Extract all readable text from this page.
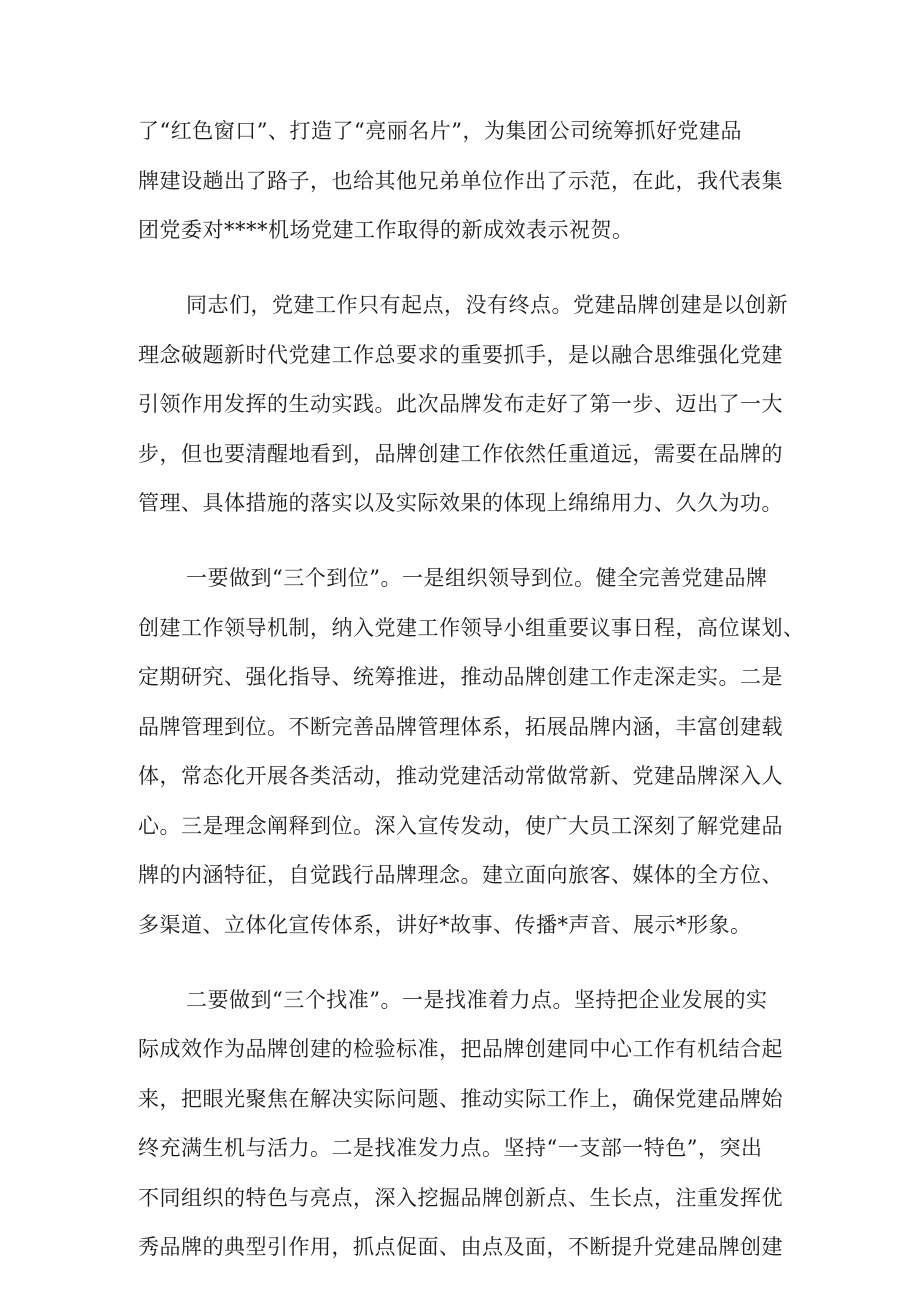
了“红色窗口”、打造了“亮丽名片”，为集团公司统筹抓好党建品
牌建设趟出了路子，也给其他兄弟单位作出了示范，在此，我代表集
团党委对****机场党建工作取得的新成效表示祝贺。
同志们，党建工作只有起点，没有终点。党建品牌创建是以创新
理念破题新时代党建工作总要求的重要抓手，是以融合思维强化党建
引领作用发挥的生动实践。此次品牌发布走好了第一步、迈出了一大
步，但也要清醒地看到，品牌创建工作依然任重道远，需要在品牌的
管理、具体措施的落实以及实际效果的体现上绵绵用力、久久为功。
一要做到“三个到位”。一是组织领导到位。健全完善党建品牌
创建工作领导机制，纳入党建工作领导小组重要议事日程，高位谋划、
定期研究、强化指导、统筹推进，推动品牌创建工作走深走实。二是
品牌管理到位。不断完善品牌管理体系，拓展品牌内涵，丰富创建载
体，常态化开展各类活动，推动党建活动常做常新、党建品牌深入人
心。三是理念阐释到位。深入宣传发动，使广大员工深刻了解党建品
牌的内涵特征，自觉践行品牌理念。建立面向旅客、媒体的全方位、
多渠道、立体化宣传体系，讲好*故事、传播*声音、展示*形象。
二要做到“三个找准”。一是找准着力点。坚持把企业发展的实
际成效作为品牌创建的检验标准，把品牌创建同中心工作有机结合起
来，把眼光聚焦在解决实际问题、推动实际工作上，确保党建品牌始
终充满生机与活力。二是找准发力点。坚持“一支部一特色”，突出
不同组织的特色与亮点，深入挖掘品牌创新点、生长点，注重发挥优
秀品牌的典型引作用，抓点促面、由点及面，不断提升党建品牌创建
